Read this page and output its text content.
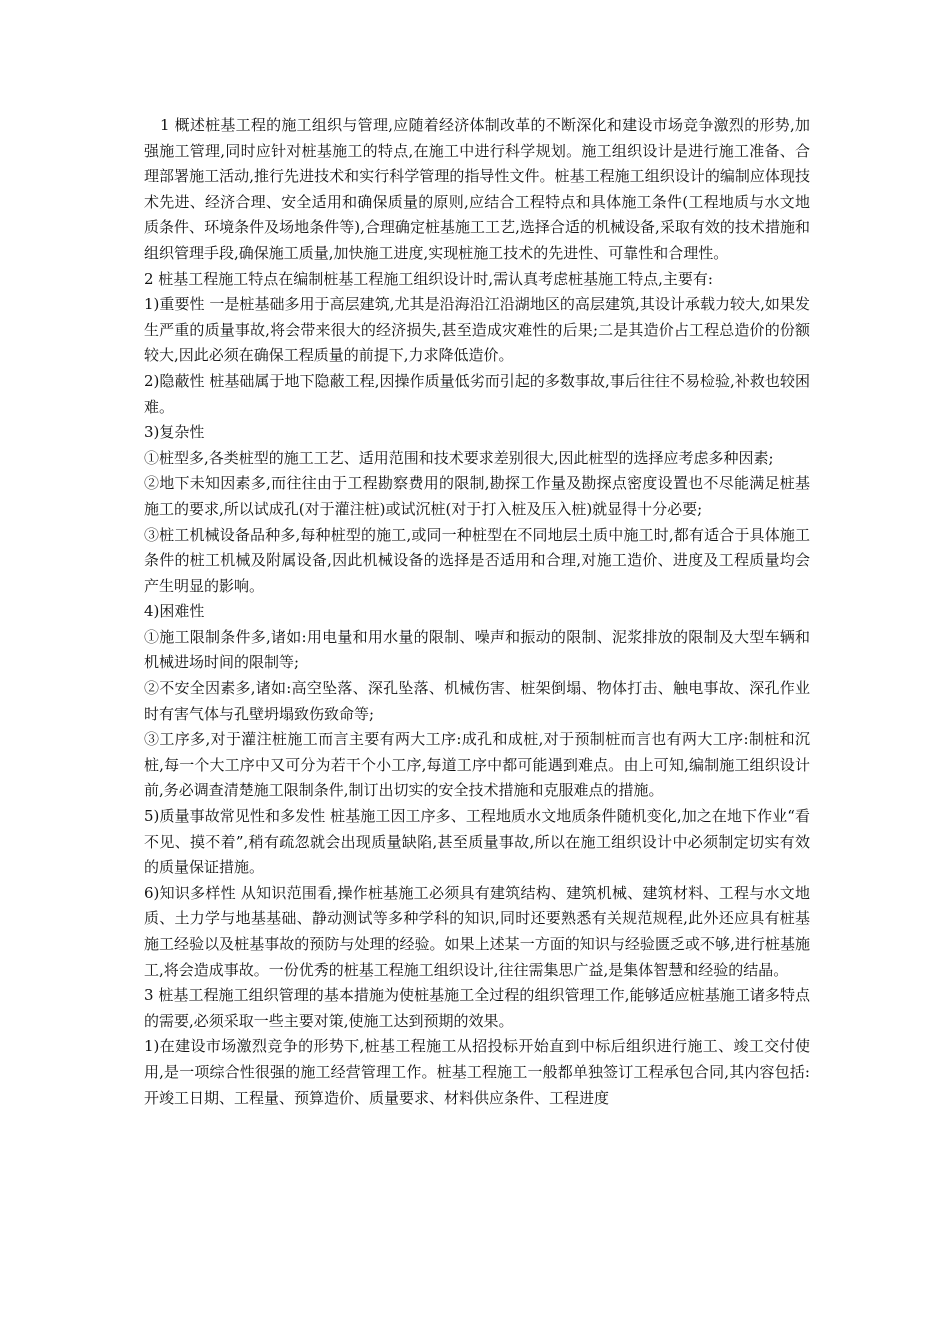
1 概述桩基工程的施工组织与管理,应随着经济体制改革的不断深化和建设市场竞争激烈的形势,加强施工管理,同时应针对桩基施工的特点,在施工中进行科学规划。施工组织设计是进行施工准备、合理部署施工活动,推行先进技术和实行科学管理的指导性文件。桩基工程施工组织设计的编制应体现技术先进、经济合理、安全适用和确保质量的原则,应结合工程特点和具体施工条件(工程地质与水文地质条件、环境条件及场地条件等),合理确定桩基施工工艺,选择合适的机械设备,采取有效的技术措施和组织管理手段,确保施工质量,加快施工进度,实现桩施工技术的先进性、可靠性和合理性。

2 桩基工程施工特点在编制桩基工程施工组织设计时,需认真考虑桩基施工特点,主要有:

1)重要性 一是桩基础多用于高层建筑,尤其是沿海沿江沿湖地区的高层建筑,其设计承载力较大,如果发生严重的质量事故,将会带来很大的经济损失,甚至造成灾难性的后果;二是其造价占工程总造价的份额较大,因此必须在确保工程质量的前提下,力求降低造价。

2)隐蔽性 桩基础属于地下隐蔽工程,因操作质量低劣而引起的多数事故,事后往往不易检验,补救也较困难。

3)复杂性

①桩型多,各类桩型的施工工艺、适用范围和技术要求差别很大,因此桩型的选择应考虑多种因素;

②地下未知因素多,而往往由于工程勘察费用的限制,勘探工作量及勘探点密度设置也不尽能满足桩基施工的要求,所以试成孔(对于灌注桩)或试沉桩(对于打入桩及压入桩)就显得十分必要;

③桩工机械设备品种多,每种桩型的施工,或同一种桩型在不同地层土质中施工时,都有适合于具体施工条件的桩工机械及附属设备,因此机械设备的选择是否适用和合理,对施工造价、进度及工程质量均会产生明显的影响。

4)困难性

①施工限制条件多,诸如:用电量和用水量的限制、噪声和振动的限制、泥浆排放的限制及大型车辆和机械进场时间的限制等;

②不安全因素多,诸如:高空坠落、深孔坠落、机械伤害、桩架倒塌、物体打击、触电事故、深孔作业时有害气体与孔壁坍塌致伤致命等;

③工序多,对于灌注桩施工而言主要有两大工序:成孔和成桩,对于预制桩而言也有两大工序:制桩和沉桩,每一个大工序中又可分为若干个小工序,每道工序中都可能遇到难点。由上可知,编制施工组织设计前,务必调查清楚施工限制条件,制订出切实的安全技术措施和克服难点的措施。

5)质量事故常见性和多发性 桩基施工因工序多、工程地质水文地质条件随机变化,加之在地下作业“看不见、摸不着”,稍有疏忽就会出现质量缺陷,甚至质量事故,所以在施工组织设计中必须制定切实有效的质量保证措施。

6)知识多样性 从知识范围看,操作桩基施工必须具有建筑结构、建筑机械、建筑材料、工程与水文地质、土力学与地基基础、静动测试等多种学科的知识,同时还要熟悉有关规范规程,此外还应具有桩基施工经验以及桩基事故的预防与处理的经验。如果上述某一方面的知识与经验匮乏或不够,进行桩基施工,将会造成事故。一份优秀的桩基工程施工组织设计,往往需集思广益,是集体智慧和经验的结晶。

3 桩基工程施工组织管理的基本措施为使桩基施工全过程的组织管理工作,能够适应桩基施工诸多特点的需要,必须采取一些主要对策,使施工达到预期的效果。

1)在建设市场激烈竞争的形势下,桩基工程施工从招投标开始直到中标后组织进行施工、竣工交付使用,是一项综合性很强的施工经营管理工作。桩基工程施工一般都单独签订工程承包合同,其内容包括:开竣工日期、工程量、预算造价、质量要求、材料供应条件、工程进度
